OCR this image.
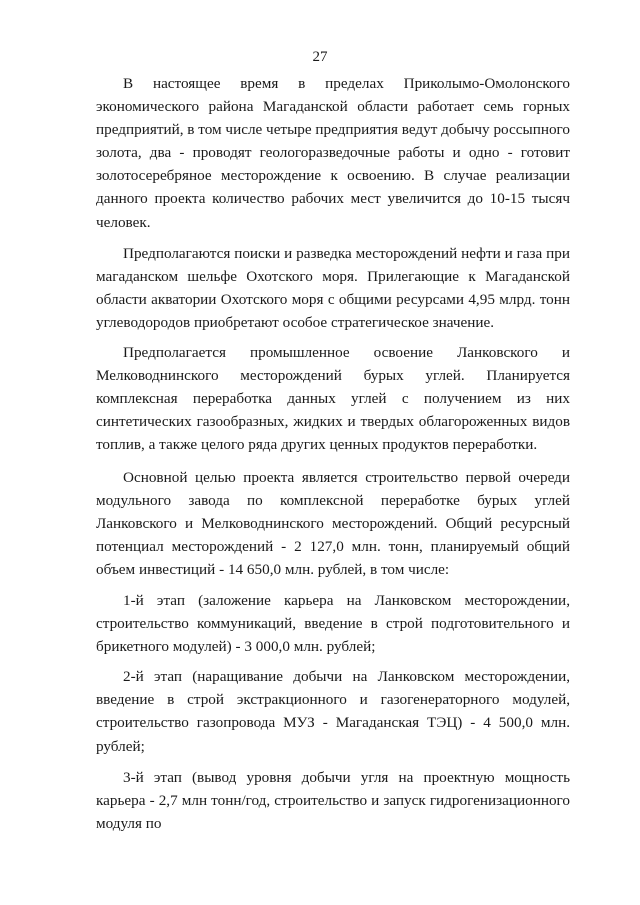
27

В настоящее время в пределах Приколымо-Омолонского экономического района Магаданской области работает семь горных предприятий, в том числе четыре предприятия ведут добычу россыпного золота, два - проводят геологоразведочные работы и одно - готовит золотосеребряное месторождение к освоению. В случае реализации данного проекта количество рабочих мест увеличится до 10-15 тысяч человек.

Предполагаются поиски и разведка месторождений нефти и газа при магаданском шельфе Охотского моря. Прилегающие к Магаданской области акватории Охотского моря с общими ресурсами 4,95 млрд. тонн углеводородов приобретают особое стратегическое значение.

Предполагается промышленное освоение Ланковского и Мелководнинского месторождений бурых углей. Планируется комплексная переработка данных углей с получением из них синтетических газообразных, жидких и твердых облагороженных видов топлив, а также целого ряда других ценных продуктов переработки.

Основной целью проекта является строительство первой очереди модульного завода по комплексной переработке бурых углей Ланковского и Мелководнинского месторождений. Общий ресурсный потенциал месторождений - 2 127,0 млн. тонн, планируемый общий объем инвестиций - 14 650,0 млн. рублей, в том числе:

1-й этап (заложение карьера на Ланковском месторождении, строительство коммуникаций, введение в строй подготовительного и брикетного модулей) - 3 000,0 млн. рублей;

2-й этап (наращивание добычи на Ланковском месторождении, введение в строй экстракционного и газогенераторного модулей, строительство газопровода МУЗ - Магаданская ТЭЦ) - 4 500,0 млн. рублей;

3-й этап (вывод уровня добычи угля на проектную мощность карьера - 2,7 млн тонн/год, строительство и запуск гидрогенизационного модуля по
